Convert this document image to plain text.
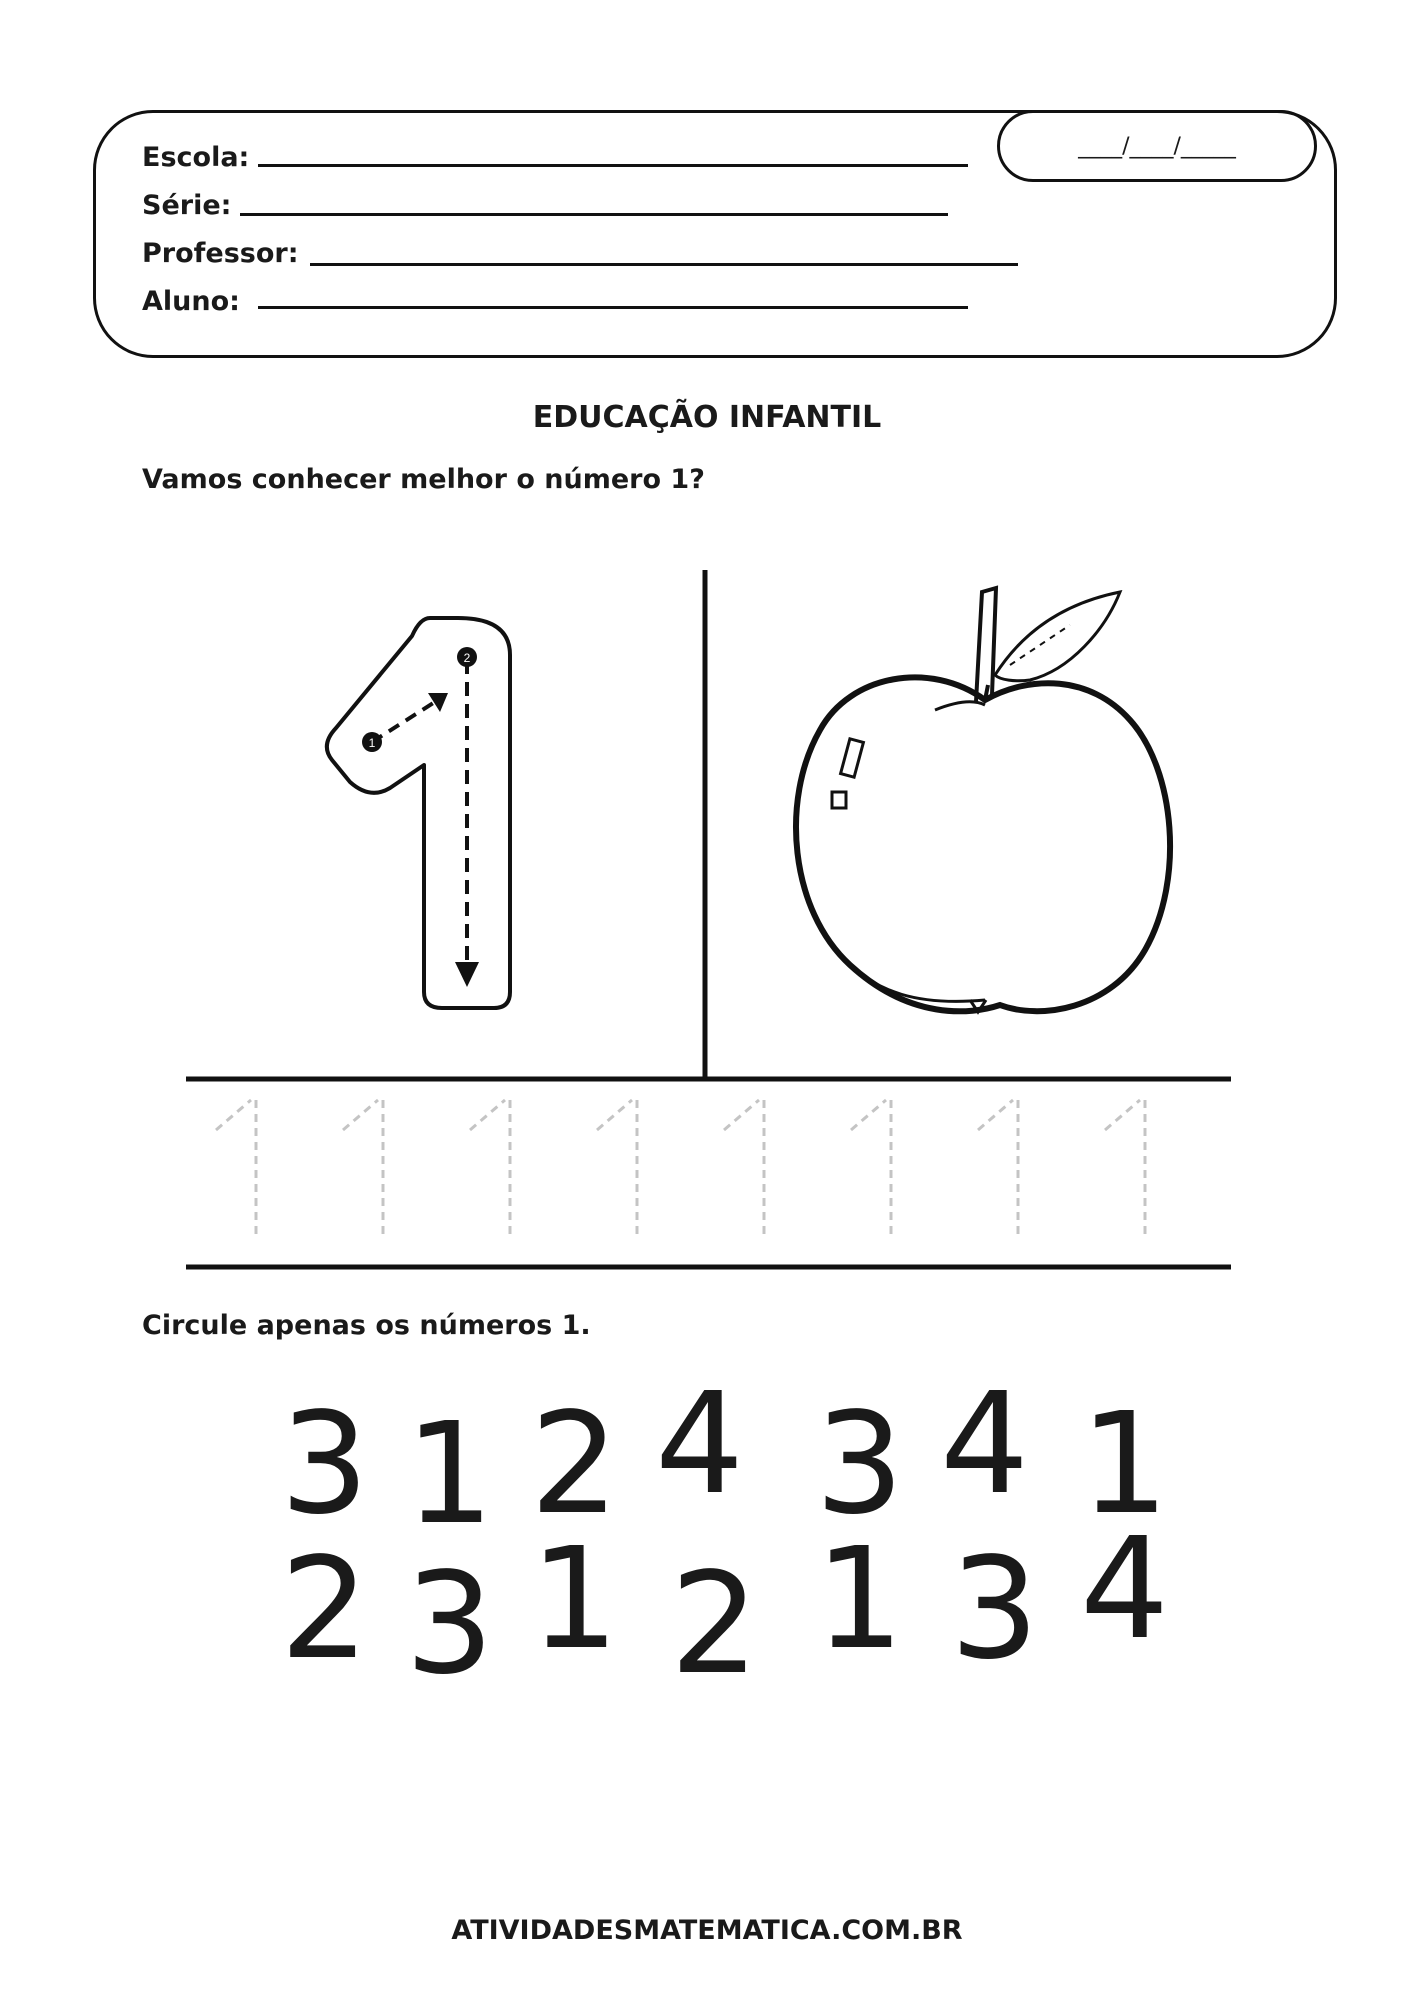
____/____/_____
Escola:
Série:
Professor:
Aluno:
EDUCAÇÃO INFANTIL
Vamos conhecer melhor o número 1?
1
2
Circule apenas os números 1.
3 1 2 4 3 4 1
2 3 1 2 1 3 4
ATIVIDADESMATEMATICA.COM.BR
